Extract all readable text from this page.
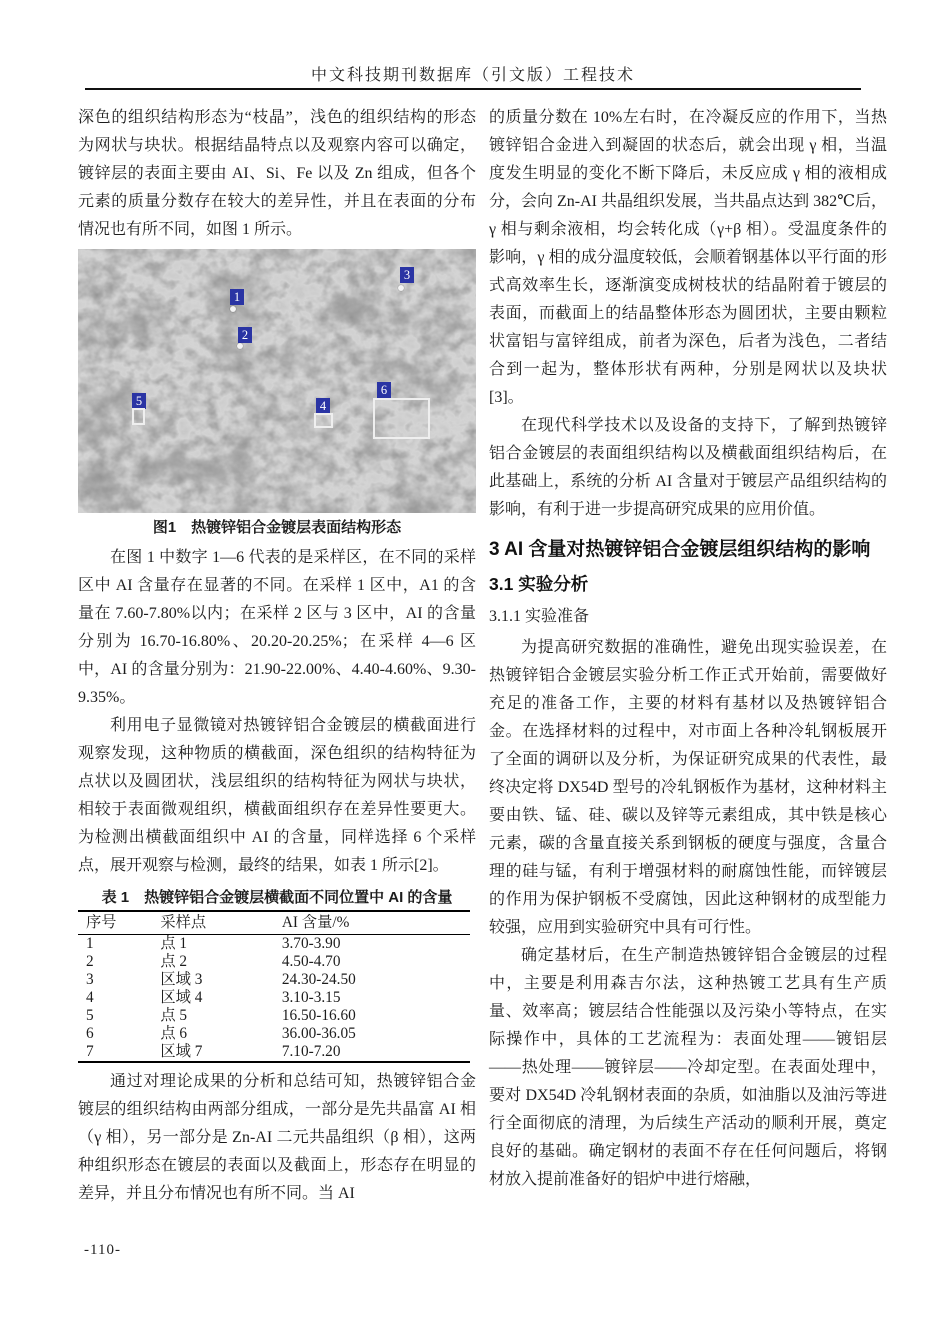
中文科技期刊数据库（引文版）工程技术

深色的组织结构形态为“枝晶”，浅色的组织结构的形态为网状与块状。根据结晶特点以及观察内容可以确定，镀锌层的表面主要由 AI、Si、Fe 以及 Zn 组成，但各个元素的质量分数存在较大的差异性，并且在表面的分布情况也有所不同，如图 1 所示。

1
2
3
4
5
6
图1　热镀锌铝合金镀层表面结构形态

在图 1 中数字 1—6 代表的是采样区，在不同的采样区中 AI 含量存在显著的不同。在采样 1 区中，A1 的含量在 7.60-7.80%以内；在采样 2 区与 3 区中，AI 的含量分别为 16.70-16.80%、20.20-20.25%；在采样 4—6 区中，AI 的含量分别为：21.90-22.00%、4.40-4.60%、9.30-9.35%。

利用电子显微镜对热镀锌铝合金镀层的横截面进行观察发现，这种物质的横截面，深色组织的结构特征为点状以及圆团状，浅层组织的结构特征为网状与块状，相较于表面微观组织，横截面组织存在差异性要更大。为检测出横截面组织中 AI 的含量，同样选择 6 个采样点，展开观察与检测，最终的结果，如表 1 所示[2]。

表 1　热镀锌铝合金镀层横截面不同位置中 AI 的含量
序号	采样点	AI 含量/%
1	点 1	3.70-3.90
2	点 2	4.50-4.70
3	区域 3	24.30-24.50
4	区域 4	3.10-3.15
5	点 5	16.50-16.60
6	点 6	36.00-36.05
7	区域 7	7.10-7.20

通过对理论成果的分析和总结可知，热镀锌铝合金镀层的组织结构由两部分组成，一部分是先共晶富 AI 相（γ 相），另一部分是 Zn-AI 二元共晶组织（β 相），这两种组织形态在镀层的表面以及截面上，形态存在明显的差异，并且分布情况也有所不同。当 AI

的质量分数在 10%左右时，在冷凝反应的作用下，当热镀锌铝合金进入到凝固的状态后，就会出现 γ 相，当温度发生明显的变化不断下降后，未反应成 γ 相的液相成分，会向 Zn-AI 共晶组织发展，当共晶点达到 382℃后，γ 相与剩余液相，均会转化成（γ+β 相）。受温度条件的影响，γ 相的成分温度较低，会顺着钢基体以平行面的形式高效率生长，逐渐演变成树枝状的结晶附着于镀层的表面，而截面上的结晶整体形态为圆团状，主要由颗粒状富铝与富锌组成，前者为深色，后者为浅色，二者结合到一起为，整体形状有两种，分别是网状以及块状[3]。

在现代科学技术以及设备的支持下，了解到热镀锌铝合金镀层的表面组织结构以及横截面组织结构后，在此基础上，系统的分析 AI 含量对于镀层产品组织结构的影响，有利于进一步提高研究成果的应用价值。

3 AI 含量对热镀锌铝合金镀层组织结构的影响
3.1 实验分析
3.1.1 实验准备

为提高研究数据的准确性，避免出现实验误差，在热镀锌铝合金镀层实验分析工作正式开始前，需要做好充足的准备工作，主要的材料有基材以及热镀锌铝合金。在选择材料的过程中，对市面上各种冷轧钢板展开了全面的调研以及分析，为保证研究成果的代表性，最终决定将 DX54D 型号的冷轧钢板作为基材，这种材料主要由铁、锰、硅、碳以及锌等元素组成，其中铁是核心元素，碳的含量直接关系到钢板的硬度与强度，含量合理的硅与锰，有利于增强材料的耐腐蚀性能，而锌镀层的作用为保护钢板不受腐蚀，因此这种钢材的成型能力较强，应用到实验研究中具有可行性。

确定基材后，在生产制造热镀锌铝合金镀层的过程中，主要是利用森吉尔法，这种热镀工艺具有生产质量、效率高；镀层结合性能强以及污染小等特点，在实际操作中，具体的工艺流程为：表面处理——镀铝层——热处理——镀锌层——冷却定型。在表面处理中，要对 DX54D 冷轧钢材表面的杂质，如油脂以及油污等进行全面彻底的清理，为后续生产活动的顺利开展，奠定良好的基础。确定钢材的表面不存在任何问题后，将钢材放入提前准备好的铝炉中进行熔融，

-110-
